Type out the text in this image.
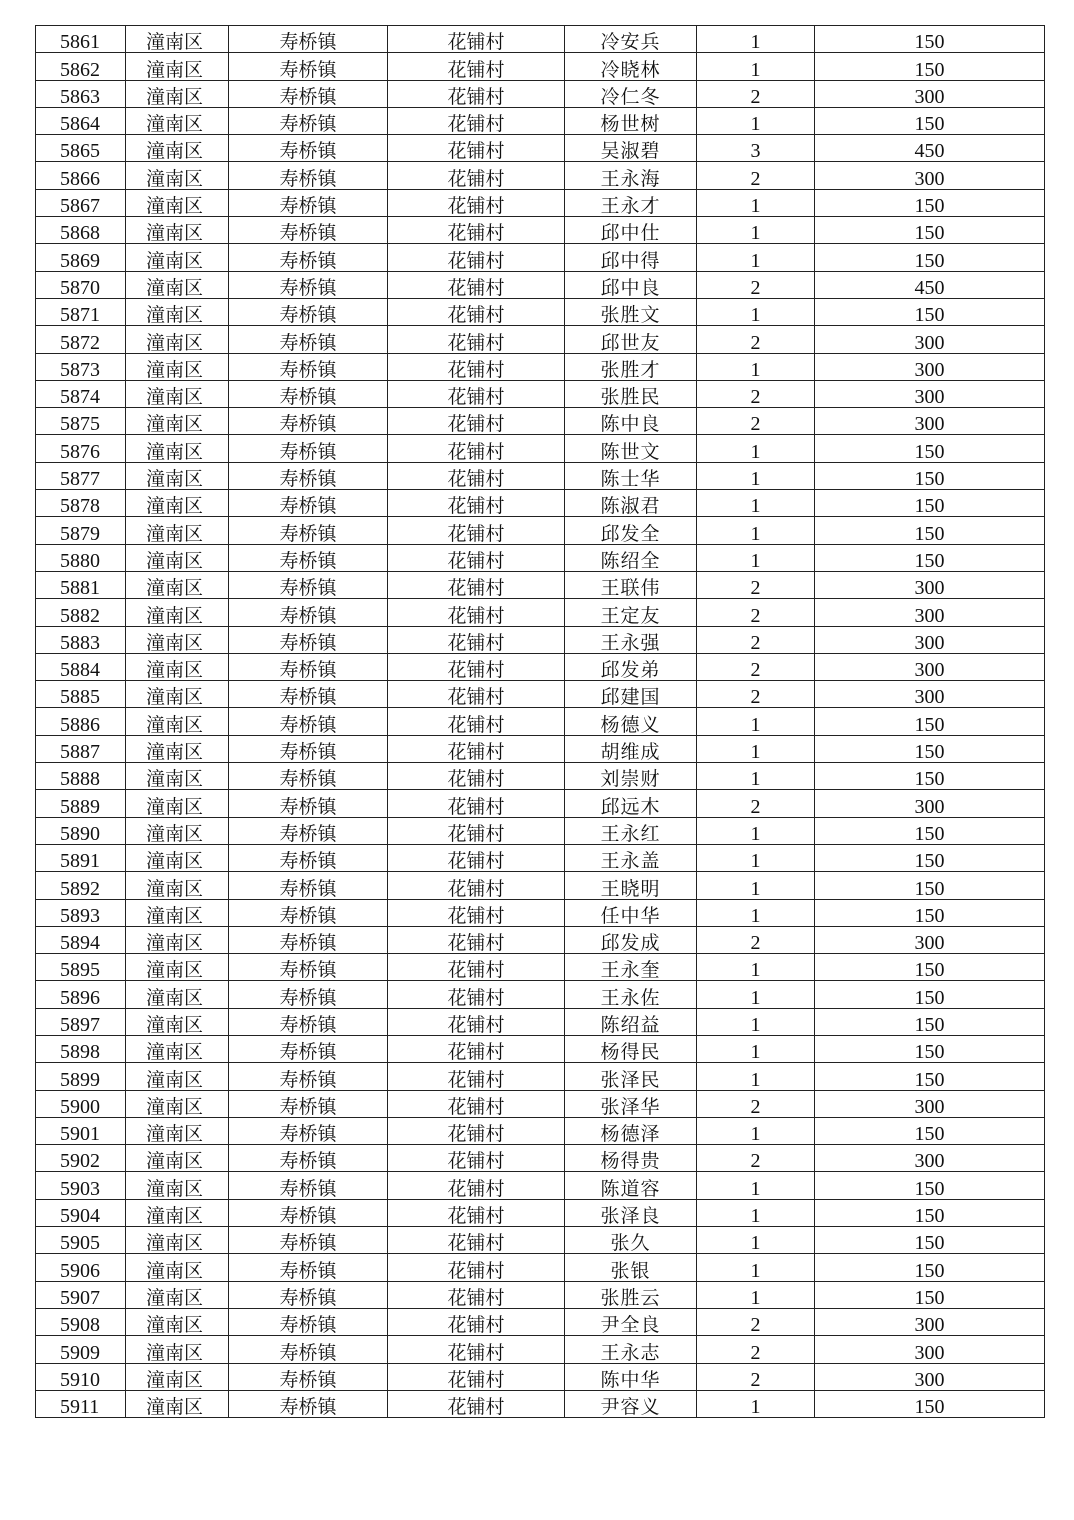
5861	潼南区	寿桥镇	花铺村	冷安兵	1	150
5862	潼南区	寿桥镇	花铺村	冷晓林	1	150
5863	潼南区	寿桥镇	花铺村	冷仁冬	2	300
5864	潼南区	寿桥镇	花铺村	杨世树	1	150
5865	潼南区	寿桥镇	花铺村	吴淑碧	3	450
5866	潼南区	寿桥镇	花铺村	王永海	2	300
5867	潼南区	寿桥镇	花铺村	王永才	1	150
5868	潼南区	寿桥镇	花铺村	邱中仕	1	150
5869	潼南区	寿桥镇	花铺村	邱中得	1	150
5870	潼南区	寿桥镇	花铺村	邱中良	2	450
5871	潼南区	寿桥镇	花铺村	张胜文	1	150
5872	潼南区	寿桥镇	花铺村	邱世友	2	300
5873	潼南区	寿桥镇	花铺村	张胜才	1	300
5874	潼南区	寿桥镇	花铺村	张胜民	2	300
5875	潼南区	寿桥镇	花铺村	陈中良	2	300
5876	潼南区	寿桥镇	花铺村	陈世文	1	150
5877	潼南区	寿桥镇	花铺村	陈士华	1	150
5878	潼南区	寿桥镇	花铺村	陈淑君	1	150
5879	潼南区	寿桥镇	花铺村	邱发全	1	150
5880	潼南区	寿桥镇	花铺村	陈绍全	1	150
5881	潼南区	寿桥镇	花铺村	王联伟	2	300
5882	潼南区	寿桥镇	花铺村	王定友	2	300
5883	潼南区	寿桥镇	花铺村	王永强	2	300
5884	潼南区	寿桥镇	花铺村	邱发弟	2	300
5885	潼南区	寿桥镇	花铺村	邱建国	2	300
5886	潼南区	寿桥镇	花铺村	杨德义	1	150
5887	潼南区	寿桥镇	花铺村	胡维成	1	150
5888	潼南区	寿桥镇	花铺村	刘崇财	1	150
5889	潼南区	寿桥镇	花铺村	邱远木	2	300
5890	潼南区	寿桥镇	花铺村	王永红	1	150
5891	潼南区	寿桥镇	花铺村	王永盖	1	150
5892	潼南区	寿桥镇	花铺村	王晓明	1	150
5893	潼南区	寿桥镇	花铺村	任中华	1	150
5894	潼南区	寿桥镇	花铺村	邱发成	2	300
5895	潼南区	寿桥镇	花铺村	王永奎	1	150
5896	潼南区	寿桥镇	花铺村	王永佐	1	150
5897	潼南区	寿桥镇	花铺村	陈绍益	1	150
5898	潼南区	寿桥镇	花铺村	杨得民	1	150
5899	潼南区	寿桥镇	花铺村	张泽民	1	150
5900	潼南区	寿桥镇	花铺村	张泽华	2	300
5901	潼南区	寿桥镇	花铺村	杨德泽	1	150
5902	潼南区	寿桥镇	花铺村	杨得贵	2	300
5903	潼南区	寿桥镇	花铺村	陈道容	1	150
5904	潼南区	寿桥镇	花铺村	张泽良	1	150
5905	潼南区	寿桥镇	花铺村	张久	1	150
5906	潼南区	寿桥镇	花铺村	张银	1	150
5907	潼南区	寿桥镇	花铺村	张胜云	1	150
5908	潼南区	寿桥镇	花铺村	尹全良	2	300
5909	潼南区	寿桥镇	花铺村	王永志	2	300
5910	潼南区	寿桥镇	花铺村	陈中华	2	300
5911	潼南区	寿桥镇	花铺村	尹容义	1	150
